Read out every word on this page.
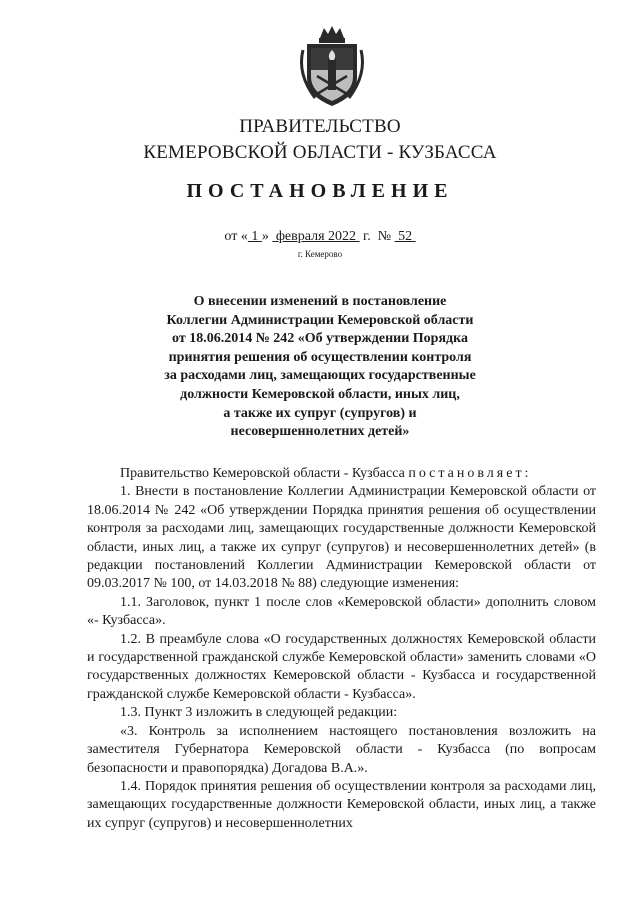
ПРАВИТЕЛЬСТВО
КЕМЕРОВСКОЙ ОБЛАСТИ - КУЗБАССА
ПОСТАНОВЛЕНИЕ
от « 1 » февраля 2022 г. № 52
г. Кемерово
О внесении изменений в постановление
Коллегии Администрации Кемеровской области
от 18.06.2014 № 242 «Об утверждении Порядка
принятия решения об осуществлении контроля
за расходами лиц, замещающих государственные
должности Кемеровской области, иных лиц,
а также их супруг (супругов) и
несовершеннолетних детей»

Правительство Кемеровской области - Кузбасса постановляет:

1. Внести в постановление Коллегии Администрации Кемеровской области от 18.06.2014 № 242 «Об утверждении Порядка принятия решения об осуществлении контроля за расходами лиц, замещающих государственные должности Кемеровской области, иных лиц, а также их супруг (супругов) и несовершеннолетних детей» (в редакции постановлений Коллегии Администрации Кемеровской области от 09.03.2017 № 100, от 14.03.2018 № 88) следующие изменения:

1.1. Заголовок, пункт 1 после слов «Кемеровской области» дополнить словом «- Кузбасса».

1.2. В преамбуле слова «О государственных должностях Кемеровской области и государственной гражданской службе Кемеровской области» заменить словами «О государственных должностях Кемеровской области - Кузбасса и государственной гражданской службе Кемеровской области - Кузбасса».

1.3. Пункт 3 изложить в следующей редакции:

«3. Контроль за исполнением настоящего постановления возложить на заместителя Губернатора Кемеровской области - Кузбасса (по вопросам безопасности и правопорядка) Догадова В.А.».

1.4. Порядок принятия решения об осуществлении контроля за расходами лиц, замещающих государственные должности Кемеровской области, иных лиц, а также их супруг (супругов) и несовершеннолетних
